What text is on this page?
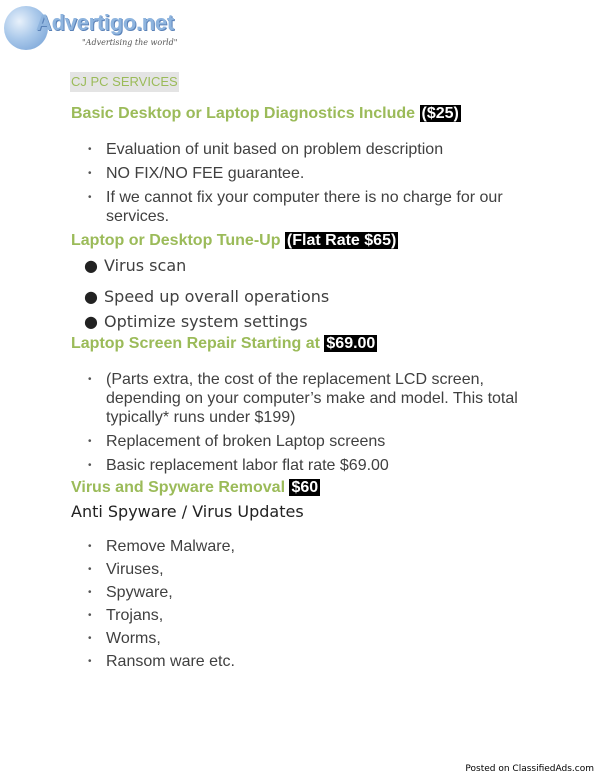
Advertigo.net
"Advertising the world"
CJ PC SERVICES
Basic Desktop or Laptop Diagnostics Include ($25)
• Evaluation of unit based on problem description
• NO FIX/NO FEE guarantee.
• If we cannot fix your computer there is no charge for our services.
Laptop or Desktop Tune-Up (Flat Rate $65)
● Virus scan
● Speed up overall operations
● Optimize system settings
Laptop Screen Repair Starting at $69.00
• (Parts extra, the cost of the replacement LCD screen, depending on your computer’s make and model. This total typically* runs under $199)
• Replacement of broken Laptop screens
• Basic replacement labor flat rate $69.00
Virus and Spyware Removal $60
Anti Spyware / Virus Updates
• Remove Malware,
• Viruses,
• Spyware,
• Trojans,
• Worms,
• Ransom ware etc.
Posted on ClassifiedAds.com
